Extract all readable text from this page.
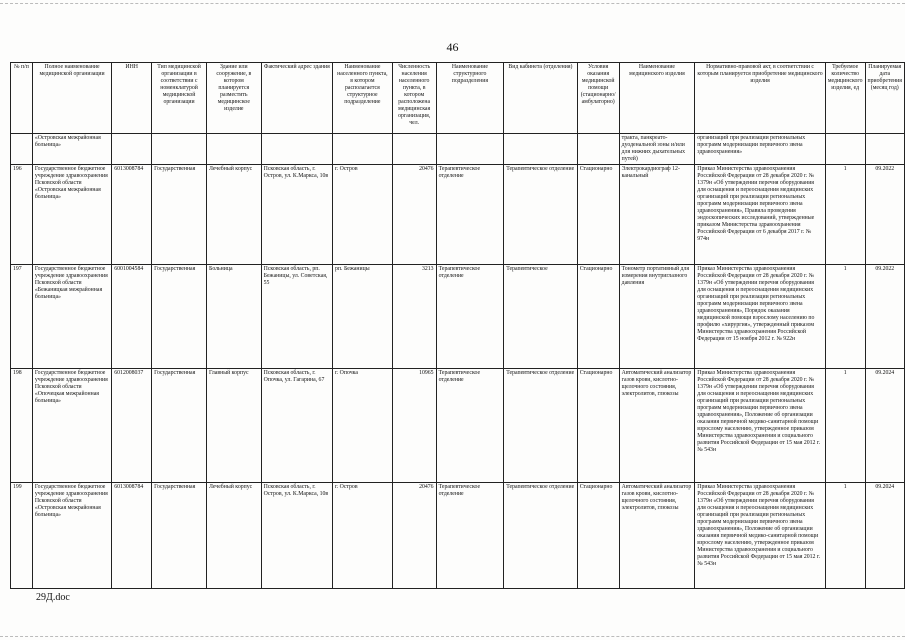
46
№ п/п	Полное наименование медицинской организации	ИНН	Тип медицинской организации в соответствии с номенклатурой медицинской организации	Здание или сооружение, в котором планируется разместить медицинское изделие	Фактический адрес здания	Наименование населенного пункта, в котором располагается структурное подразделение	Численность населения населенного пункта, в котором расположена медицинская организация, чел.	Наименование структурного подразделения	Вид кабинета (отделения)	Условия оказания медицинской помощи (стационарно/ амбулаторно)	Наименование медицинского изделия	Нормативно-правовой акт, в соответствии с которым планируется приобретение медицинского изделия	Требуемое количество медицинского изделия, ед	Планируемая дата приобретения (месяц год)
	«Островская межрайонная больница»										тракта, панкреато-дуоденальной зоны и/или для нижних дыхательных путей)	организаций при реализации региональных программ модернизации первичного звена здравоохранения»		
196	Государственное бюджетное учреждение здравоохранения Псковской области «Островская межрайонная больница»	6013008784	Государственная	Лечебный корпус	Псковская область, г. Остров, ул. К.Маркса, 10в	г. Остров	20476	Терапевтическое отделение	Терапевтическое отделение	Стационарно	Электрокардиограф 12-канальный	Приказ Министерства здравоохранения Российской Федерации от 28 декабря 2020 г. № 1379н «Об утверждении перечня оборудования для оснащения и переоснащения медицинских организаций при реализации региональных программ модернизации первичного звена здравоохранения», Правила проведения эндоскопических исследований, утвержденные приказом Министерства здравоохранения Российской Федерации от 6 декабря 2017 г. № 974н	1	09.2022
197	Государственное бюджетное учреждение здравоохранения Псковской области «Бежаницкая межрайонная больница»	6001004584	Государственная	Больница	Псковская область, рп. Бежаницы, ул. Советская, 55	рп. Бежаницы	3213	Терапевтическое отделение	Терапевтическое	Стационарно	Тонометр портативный для измерения внутриглазного давления	Приказ Министерства здравоохранения Российской Федерации от 28 декабря 2020 г. № 1379н «Об утверждении перечня оборудования для оснащения и переоснащения медицинских организаций при реализации региональных программ модернизации первичного звена здравоохранения», Порядок оказания медицинской помощи взрослому населению по профилю «хирургия», утвержденный приказом Министерства здравоохранения Российской Федерации от 15 ноября 2012 г. № 922н	1	09.2022
198	Государственное бюджетное учреждение здравоохранения Псковской области «Опочецкая межрайонная больница»	6012008037	Государственная	Главный корпус	Псковская область, г. Опочка, ул. Гагарина, 67	г. Опочка	10965	Терапевтическое отделение	Терапевтическое отделение	Стационарно	Автоматический анализатор газов крови, кислотно-щелочного состояния, электролитов, глюкозы	Приказ Министерства здравоохранения Российской Федерации от 28 декабря 2020 г. № 1379н «Об утверждении перечня оборудования для оснащения и переоснащения медицинских организаций при реализации региональных программ модернизации первичного звена здравоохранения», Положение об организации оказания первичной медико-санитарной помощи взрослому населению, утвержденное приказом Министерства здравоохранения и социального развития Российской Федерации от 15 мая 2012 г. № 543н	1	09.2024
199	Государственное бюджетное учреждение здравоохранения Псковской области «Островская межрайонная больница»	6013008784	Государственная	Лечебный корпус	Псковская область, г. Остров, ул. К.Маркса, 10в	г. Остров	20476	Терапевтическое отделение	Терапевтическое отделение	Стационарно	Автоматический анализатор газов крови, кислотно-щелочного состояния, электролитов, глюкозы	Приказ Министерства здравоохранения Российской Федерации от 28 декабря 2020 г. № 1379н «Об утверждении перечня оборудования для оснащения и переоснащения медицинских организаций при реализации региональных программ модернизации первичного звена здравоохранения», Положение об организации оказания первичной медико-санитарной помощи взрослому населению, утвержденное приказом Министерства здравоохранения и социального развития Российской Федерации от 15 мая 2012 г. № 543н	1	09.2024
29Д.doc
